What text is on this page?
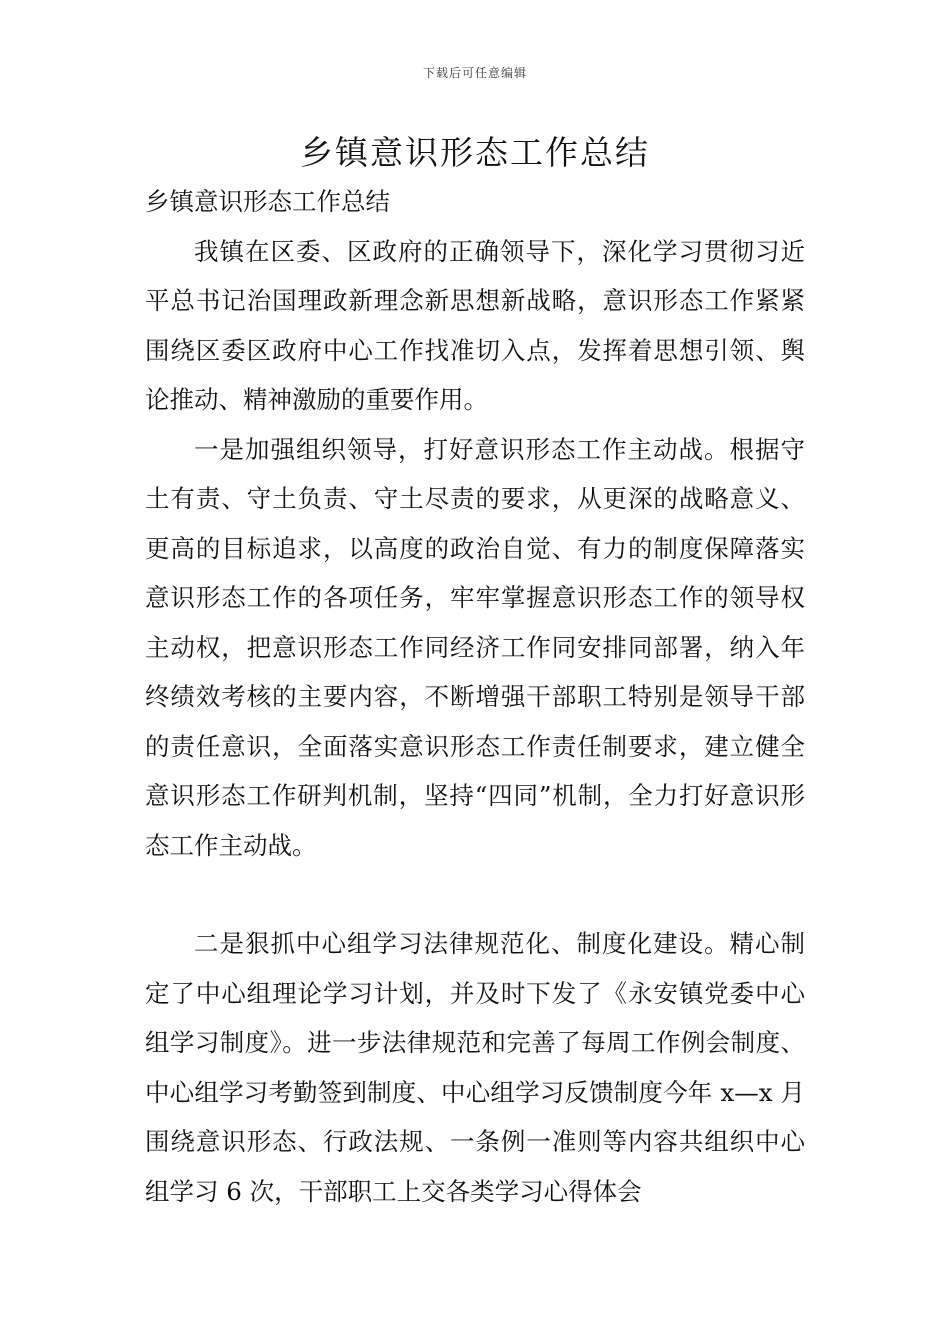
下载后可任意编辑
乡镇意识形态工作总结

乡镇意识形态工作总结

我镇在区委、区政府的正确领导下，深化学习贯彻习近平总书记治国理政新理念新思想新战略，意识形态工作紧紧围绕区委区政府中心工作找准切入点，发挥着思想引领、舆论推动、精神激励的重要作用。

一是加强组织领导，打好意识形态工作主动战。根据守土有责、守土负责、守土尽责的要求，从更深的战略意义、更高的目标追求，以高度的政治自觉、有力的制度保障落实意识形态工作的各项任务，牢牢掌握意识形态工作的领导权主动权，把意识形态工作同经济工作同安排同部署，纳入年终绩效考核的主要内容，不断增强干部职工特别是领导干部的责任意识，全面落实意识形态工作责任制要求，建立健全意识形态工作研判机制，坚持“四同”机制，全力打好意识形态工作主动战。

二是狠抓中心组学习法律规范化、制度化建设。精心制定了中心组理论学习计划，并及时下发了《永安镇党委中心组学习制度》。进一步法律规范和完善了每周工作例会制度、中心组学习考勤签到制度、中心组学习反馈制度今年 x—x 月围绕意识形态、行政法规、一条例一准则等内容共组织中心组学习 6 次，干部职工上交各类学习心得体会
